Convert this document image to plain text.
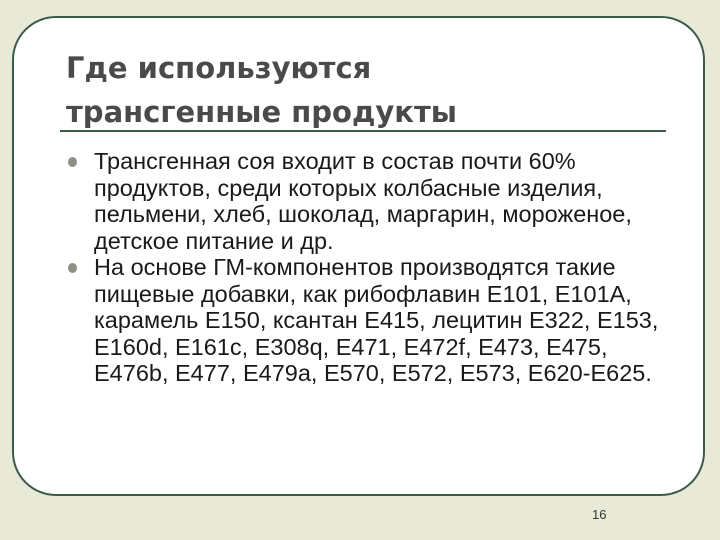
Где используются
трансгенные продукты
Трансгенная соя входит в состав почти 60% продуктов, среди которых колбасные изделия, пельмени, хлеб, шоколад, маргарин, мороженое, детское питание и др.
На основе ГМ-компонентов производятся такие пищевые добавки, как рибофлавин Е101, Е101А, карамель Е150, ксантан Е415, лецитин Е322, Е153, Е160d, Е161c, Е308q, Е471, Е472f, Е473, Е475, Е476b, Е477, Е479a, Е570, Е572, Е573, Е620-Е625.
16
